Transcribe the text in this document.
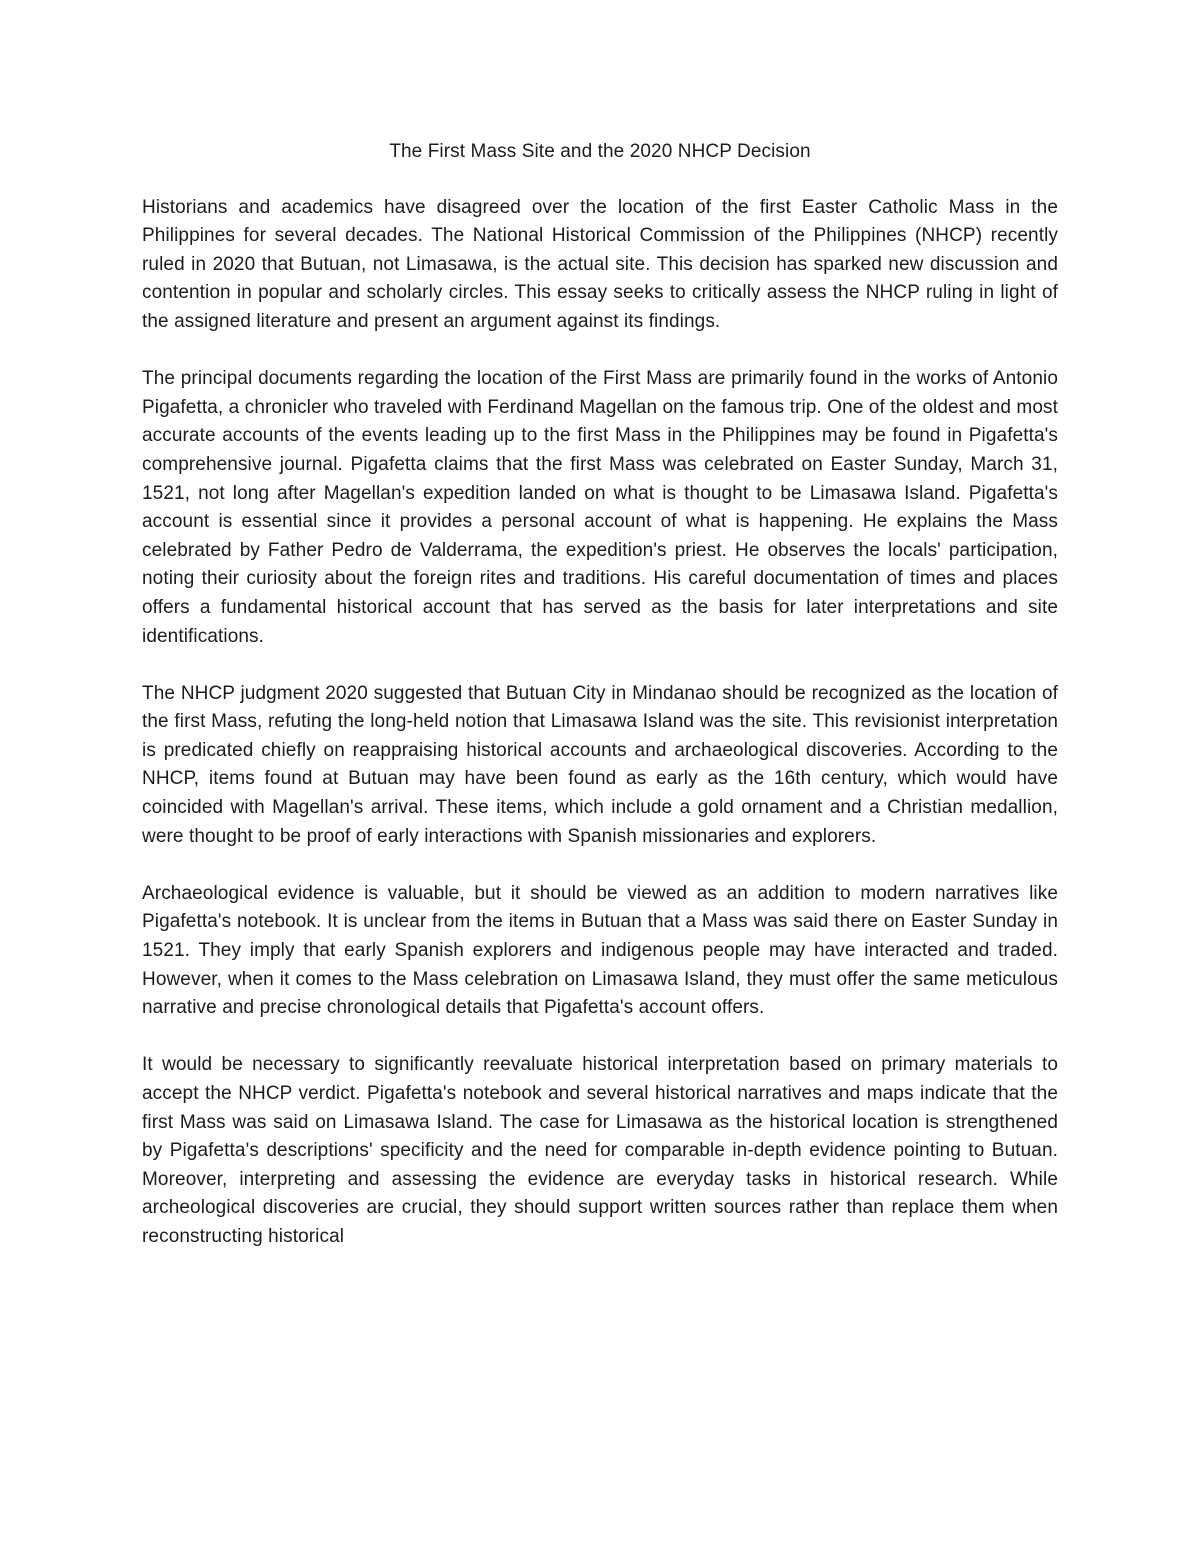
The First Mass Site and the 2020 NHCP Decision
Historians and academics have disagreed over the location of the first Easter Catholic Mass in the Philippines for several decades. The National Historical Commission of the Philippines (NHCP) recently ruled in 2020 that Butuan, not Limasawa, is the actual site. This decision has sparked new discussion and contention in popular and scholarly circles. This essay seeks to critically assess the NHCP ruling in light of the assigned literature and present an argument against its findings.
The principal documents regarding the location of the First Mass are primarily found in the works of Antonio Pigafetta, a chronicler who traveled with Ferdinand Magellan on the famous trip. One of the oldest and most accurate accounts of the events leading up to the first Mass in the Philippines may be found in Pigafetta's comprehensive journal. Pigafetta claims that the first Mass was celebrated on Easter Sunday, March 31, 1521, not long after Magellan's expedition landed on what is thought to be Limasawa Island. Pigafetta's account is essential since it provides a personal account of what is happening. He explains the Mass celebrated by Father Pedro de Valderrama, the expedition's priest. He observes the locals' participation, noting their curiosity about the foreign rites and traditions. His careful documentation of times and places offers a fundamental historical account that has served as the basis for later interpretations and site identifications.
The NHCP judgment 2020 suggested that Butuan City in Mindanao should be recognized as the location of the first Mass, refuting the long-held notion that Limasawa Island was the site. This revisionist interpretation is predicated chiefly on reappraising historical accounts and archaeological discoveries. According to the NHCP, items found at Butuan may have been found as early as the 16th century, which would have coincided with Magellan's arrival. These items, which include a gold ornament and a Christian medallion, were thought to be proof of early interactions with Spanish missionaries and explorers.
Archaeological evidence is valuable, but it should be viewed as an addition to modern narratives like Pigafetta's notebook. It is unclear from the items in Butuan that a Mass was said there on Easter Sunday in 1521. They imply that early Spanish explorers and indigenous people may have interacted and traded. However, when it comes to the Mass celebration on Limasawa Island, they must offer the same meticulous narrative and precise chronological details that Pigafetta's account offers.
It would be necessary to significantly reevaluate historical interpretation based on primary materials to accept the NHCP verdict. Pigafetta's notebook and several historical narratives and maps indicate that the first Mass was said on Limasawa Island. The case for Limasawa as the historical location is strengthened by Pigafetta's descriptions' specificity and the need for comparable in-depth evidence pointing to Butuan. Moreover, interpreting and assessing the evidence are everyday tasks in historical research. While archeological discoveries are crucial, they should support written sources rather than replace them when reconstructing historical
